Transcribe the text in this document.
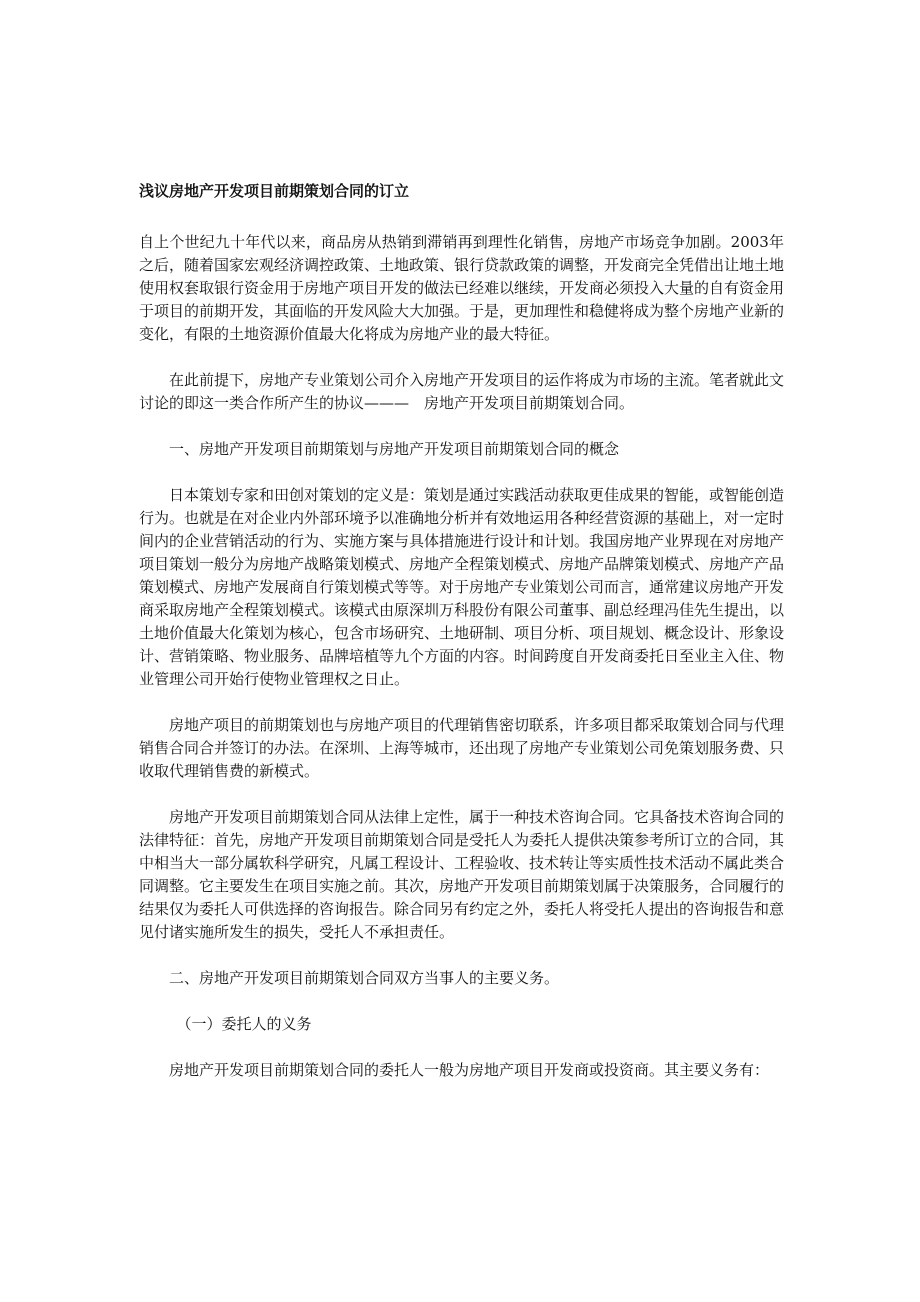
浅议房地产开发项目前期策划合同的订立

自上个世纪九十年代以来，商品房从热销到滞销再到理性化销售，房地产市场竞争加剧。2003年之后，随着国家宏观经济调控政策、土地政策、银行贷款政策的调整，开发商完全凭借出让地土地使用权套取银行资金用于房地产项目开发的做法已经难以继续，开发商必须投入大量的自有资金用于项目的前期开发，其面临的开发风险大大加强。于是，更加理性和稳健将成为整个房地产业新的变化，有限的土地资源价值最大化将成为房地产业的最大特征。

在此前提下，房地产专业策划公司介入房地产开发项目的运作将成为市场的主流。笔者就此文讨论的即这一类合作所产生的协议———　房地产开发项目前期策划合同。

一、房地产开发项目前期策划与房地产开发项目前期策划合同的概念

日本策划专家和田创对策划的定义是：策划是通过实践活动获取更佳成果的智能，或智能创造行为。也就是在对企业内外部环境予以准确地分析并有效地运用各种经营资源的基础上，对一定时间内的企业营销活动的行为、实施方案与具体措施进行设计和计划。我国房地产业界现在对房地产项目策划一般分为房地产战略策划模式、房地产全程策划模式、房地产品牌策划模式、房地产产品策划模式、房地产发展商自行策划模式等等。对于房地产专业策划公司而言，通常建议房地产开发商采取房地产全程策划模式。该模式由原深圳万科股份有限公司董事、副总经理冯佳先生提出，以土地价值最大化策划为核心，包含市场研究、土地研制、项目分析、项目规划、概念设计、形象设计、营销策略、物业服务、品牌培植等九个方面的内容。时间跨度自开发商委托日至业主入住、物业管理公司开始行使物业管理权之日止。

房地产项目的前期策划也与房地产项目的代理销售密切联系，许多项目都采取策划合同与代理销售合同合并签订的办法。在深圳、上海等城市，还出现了房地产专业策划公司免策划服务费、只收取代理销售费的新模式。

房地产开发项目前期策划合同从法律上定性，属于一种技术咨询合同。它具备技术咨询合同的法律特征：首先，房地产开发项目前期策划合同是受托人为委托人提供决策参考所订立的合同，其中相当大一部分属软科学研究，凡属工程设计、工程验收、技术转让等实质性技术活动不属此类合同调整。它主要发生在项目实施之前。其次，房地产开发项目前期策划属于决策服务，合同履行的结果仅为委托人可供选择的咨询报告。除合同另有约定之外，委托人将受托人提出的咨询报告和意见付诸实施所发生的损失，受托人不承担责任。

二、房地产开发项目前期策划合同双方当事人的主要义务。

（一）委托人的义务

房地产开发项目前期策划合同的委托人一般为房地产项目开发商或投资商。其主要义务有：
